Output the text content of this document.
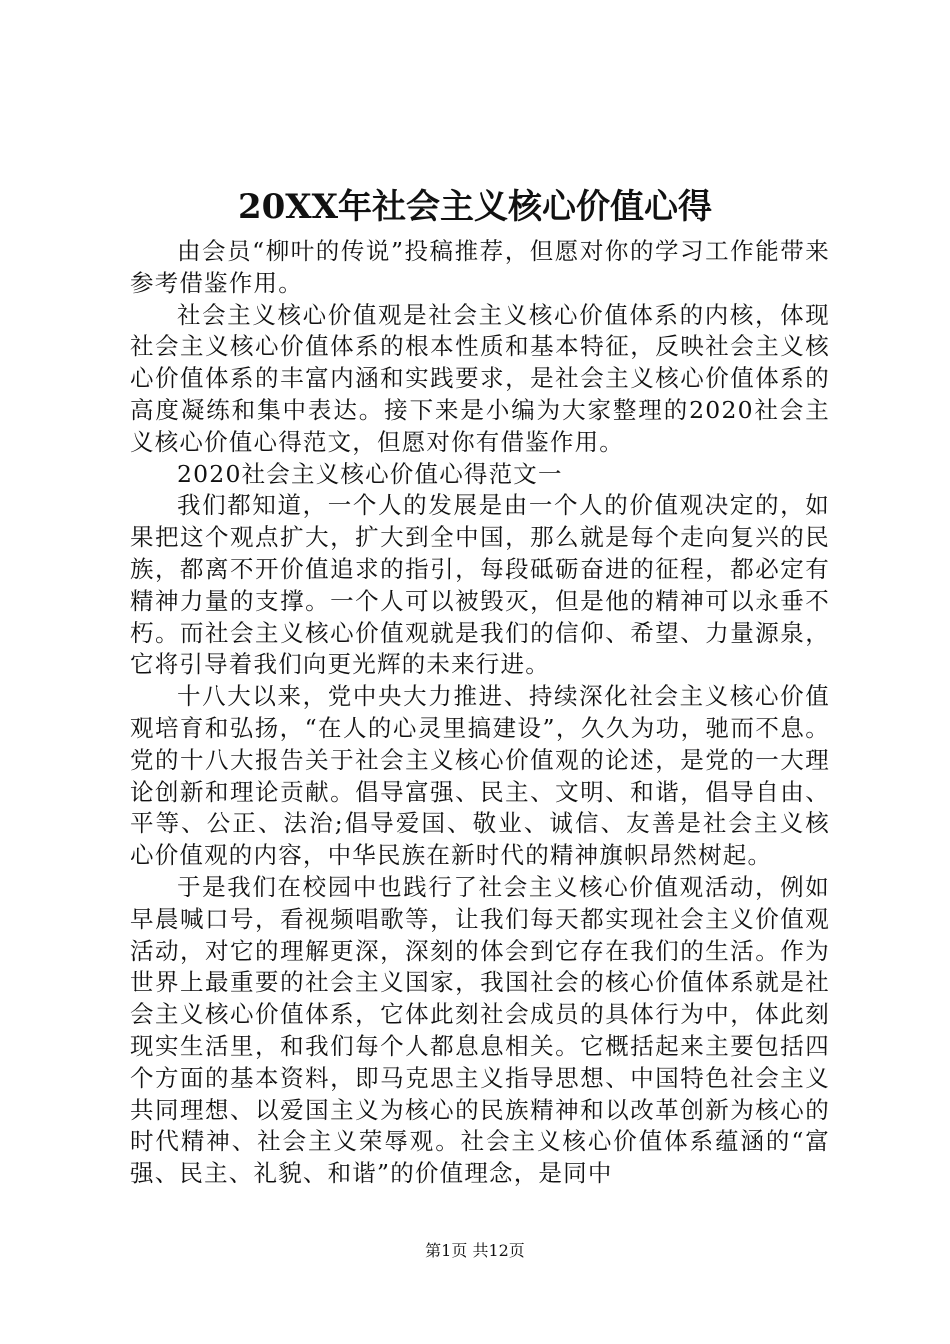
20XX年社会主义核心价值心得

由会员“柳叶的传说”投稿推荐，但愿对你的学习工作能带来参考借鉴作用。

社会主义核心价值观是社会主义核心价值体系的内核，体现社会主义核心价值体系的根本性质和基本特征，反映社会主义核心价值体系的丰富内涵和实践要求，是社会主义核心价值体系的高度凝练和集中表达。接下来是小编为大家整理的2020社会主义核心价值心得范文，但愿对你有借鉴作用。

2020社会主义核心价值心得范文一

我们都知道，一个人的发展是由一个人的价值观决定的，如果把这个观点扩大，扩大到全中国，那么就是每个走向复兴的民族，都离不开价值追求的指引，每段砥砺奋进的征程，都必定有精神力量的支撑。一个人可以被毁灭，但是他的精神可以永垂不朽。而社会主义核心价值观就是我们的信仰、希望、力量源泉，它将引导着我们向更光辉的未来行进。

十八大以来，党中央大力推进、持续深化社会主义核心价值观培育和弘扬，“在人的心灵里搞建设”，久久为功，驰而不息。党的十八大报告关于社会主义核心价值观的论述，是党的一大理论创新和理论贡献。倡导富强、民主、文明、和谐，倡导自由、平等、公正、法治;倡导爱国、敬业、诚信、友善是社会主义核心价值观的内容，中华民族在新时代的精神旗帜昂然树起。

于是我们在校园中也践行了社会主义核心价值观活动，例如早晨喊口号，看视频唱歌等，让我们每天都实现社会主义价值观活动，对它的理解更深，深刻的体会到它存在我们的生活。作为世界上最重要的社会主义国家，我国社会的核心价值体系就是社会主义核心价值体系，它体此刻社会成员的具体行为中，体此刻现实生活里，和我们每个人都息息相关。它概括起来主要包括四个方面的基本资料，即马克思主义指导思想、中国特色社会主义共同理想、以爱国主义为核心的民族精神和以改革创新为核心的时代精神、社会主义荣辱观。社会主义核心价值体系蕴涵的“富强、民主、礼貌、和谐”的价值理念，是同中

第1页 共12页
